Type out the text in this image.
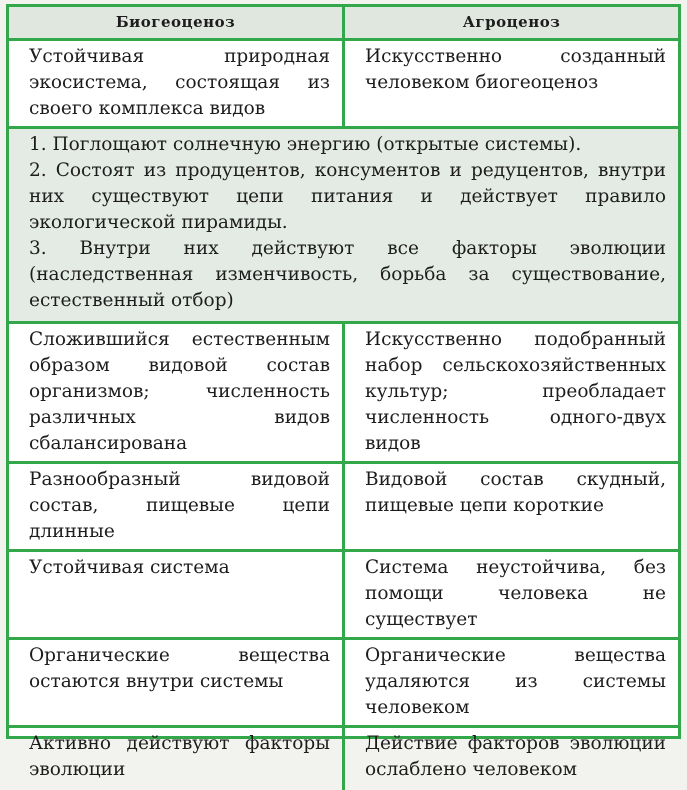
Биогеоценоз	Агроценоз
Устойчивая природная экосистема, состоящая из своего комплекса видов	Искусственно созданный человеком биогеоценоз

1. Поглощают солнечную энергию (открытые системы).
2. Состоят из продуцентов, консументов и редуцентов, внутри них существуют цепи питания и действует правило экологической пирамиды.
3. Внутри них действуют все факторы эволюции (наследственная изменчивость, борьба за существование, естественный отбор)	

Сложившийся естественным образом видовой состав организмов; численность различных видов сбалансирована	Искусственно подобранный набор сельскохозяйственных культур; преобладает численность одного-двух видов
Разнообразный видовой состав, пищевые цепи длинные	Видовой состав скудный, пищевые цепи короткие
Устойчивая система	Система неустойчива, без помощи человека не существует
Органические вещества остаются внутри системы	Органические вещества удаляются из системы человеком
Активно действуют факторы эволюции	Действие факторов эволюции ослаблено человеком
